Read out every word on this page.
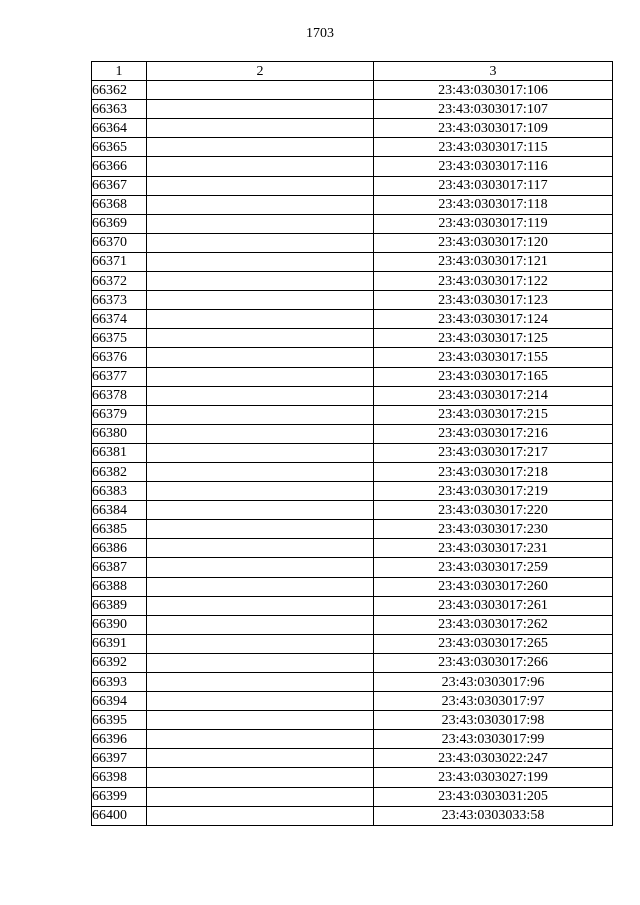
1703
1	2	3
66362		23:43:0303017:106
66363		23:43:0303017:107
66364		23:43:0303017:109
66365		23:43:0303017:115
66366		23:43:0303017:116
66367		23:43:0303017:117
66368		23:43:0303017:118
66369		23:43:0303017:119
66370		23:43:0303017:120
66371		23:43:0303017:121
66372		23:43:0303017:122
66373		23:43:0303017:123
66374		23:43:0303017:124
66375		23:43:0303017:125
66376		23:43:0303017:155
66377		23:43:0303017:165
66378		23:43:0303017:214
66379		23:43:0303017:215
66380		23:43:0303017:216
66381		23:43:0303017:217
66382		23:43:0303017:218
66383		23:43:0303017:219
66384		23:43:0303017:220
66385		23:43:0303017:230
66386		23:43:0303017:231
66387		23:43:0303017:259
66388		23:43:0303017:260
66389		23:43:0303017:261
66390		23:43:0303017:262
66391		23:43:0303017:265
66392		23:43:0303017:266
66393		23:43:0303017:96
66394		23:43:0303017:97
66395		23:43:0303017:98
66396		23:43:0303017:99
66397		23:43:0303022:247
66398		23:43:0303027:199
66399		23:43:0303031:205
66400		23:43:0303033:58
